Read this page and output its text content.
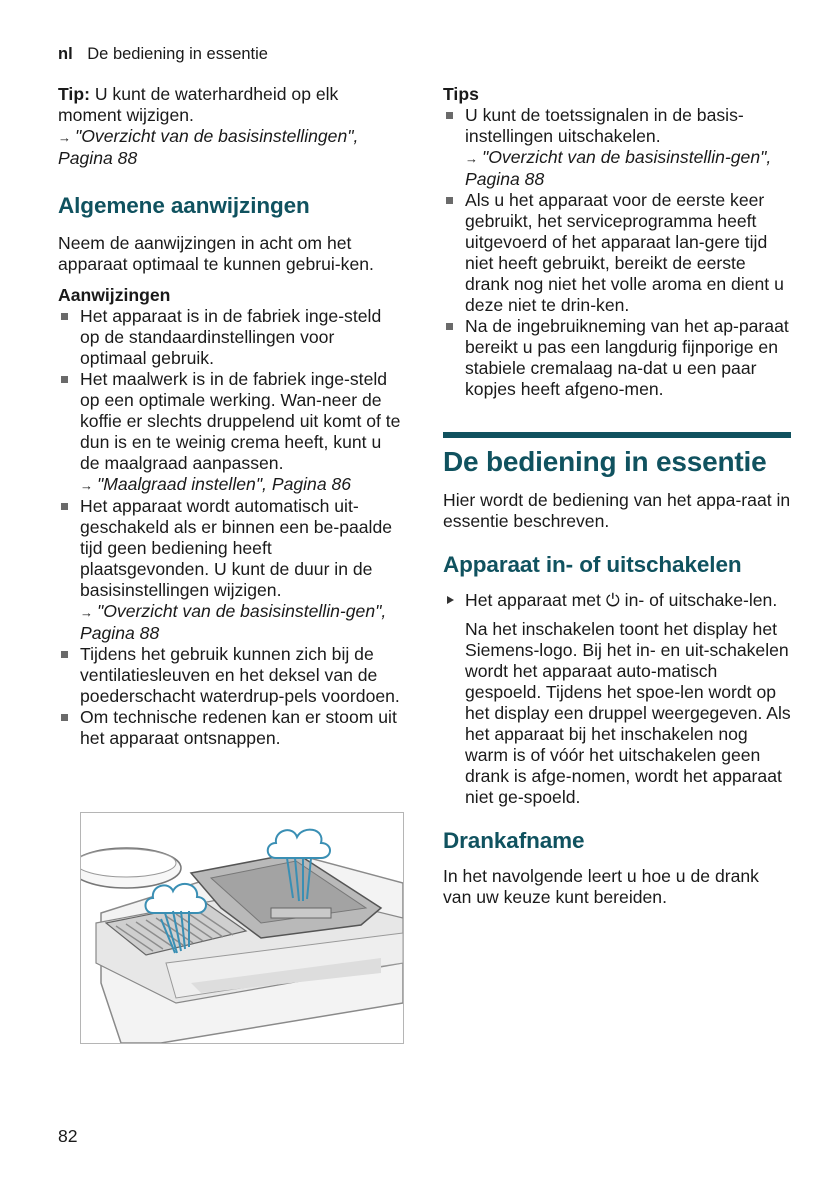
nl De bediening in essentie

Tip: U kunt de waterhardheid op elk moment wijzigen.
→ "Overzicht van de basisinstellingen", Pagina 88

Algemene aanwijzingen

Neem de aanwijzingen in acht om het apparaat optimaal te kunnen gebrui-ken.

Aanwijzingen

Het apparaat is in de fabriek inge-steld op de standaardinstellingen voor optimaal gebruik.
Het maalwerk is in de fabriek inge-steld op een optimale werking. Wan-neer de koffie er slechts druppelend uit komt of te dun is en te weinig crema heeft, kunt u de maalgraad aanpassen.
→ "Maalgraad instellen", Pagina 86
Het apparaat wordt automatisch uit-geschakeld als er binnen een be-paalde tijd geen bediening heeft plaatsgevonden. U kunt de duur in de basisinstellingen wijzigen.
→ "Overzicht van de basisinstellin-gen", Pagina 88
Tijdens het gebruik kunnen zich bij de ventilatiesleuven en het deksel van de poederschacht waterdrup-pels voordoen.
Om technische redenen kan er stoom uit het apparaat ontsnappen.

Tips

U kunt de toetssignalen in de basis-instellingen uitschakelen.
→ "Overzicht van de basisinstellin-gen", Pagina 88
Als u het apparaat voor de eerste keer gebruikt, het serviceprogramma heeft uitgevoerd of het apparaat lan-gere tijd niet heeft gebruikt, bereikt de eerste drank nog niet het volle aroma en dient u deze niet te drin-ken.
Na de ingebruikneming van het ap-paraat bereikt u pas een langdurig fijnporige en stabiele cremalaag na-dat u een paar kopjes heeft afgeno-men.
De bediening in essentie

Hier wordt de bediening van het appa-raat in essentie beschreven.

Apparaat in- of uitschakelen

Het apparaat met ⏻ in- of uitschake-len.

Na het inschakelen toont het display het Siemens-logo. Bij het in- en uit-schakelen wordt het apparaat auto-matisch gespoeld. Tijdens het spoe-len wordt op het display een druppel weergegeven. Als het apparaat bij het inschakelen nog warm is of vóór het uitschakelen geen drank is afge-nomen, wordt het apparaat niet ge-spoeld.

Drankafname

In het navolgende leert u hoe u de drank van uw keuze kunt bereiden.

82
